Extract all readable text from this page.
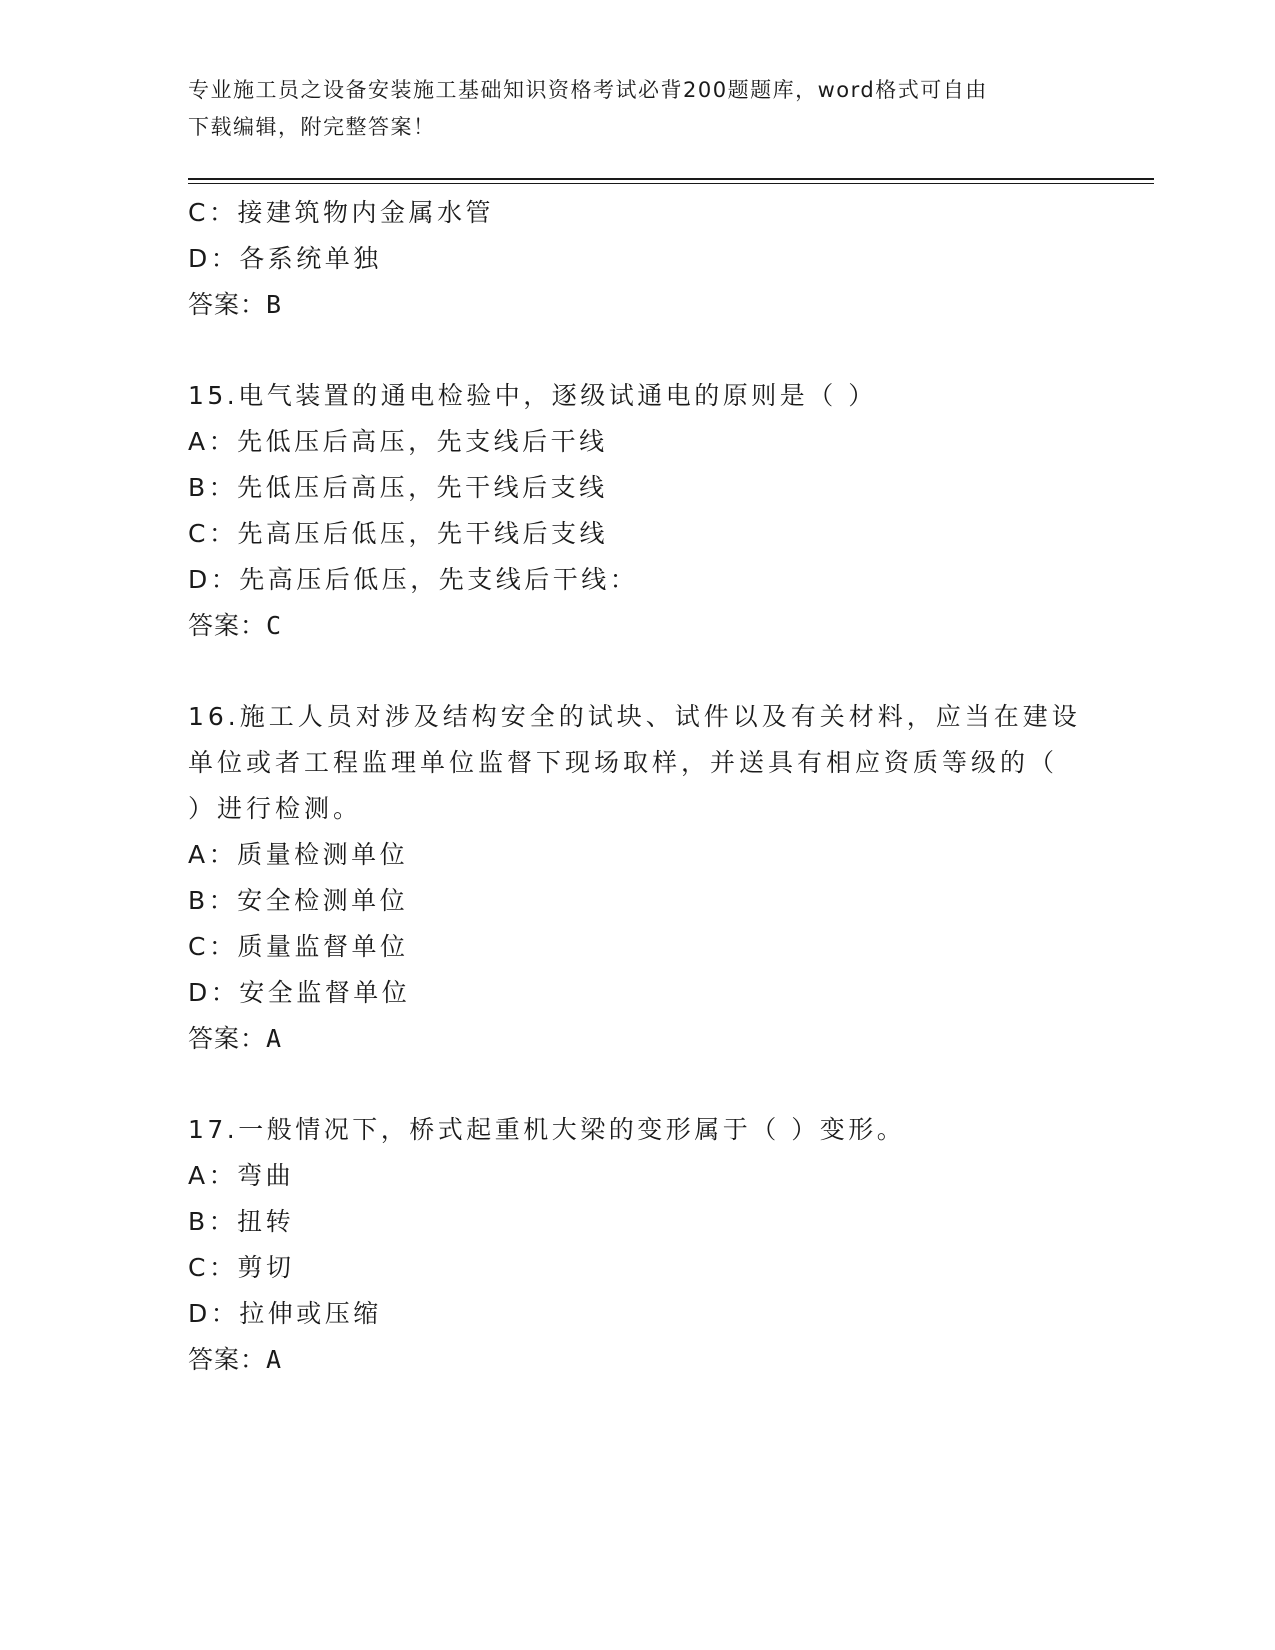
专业施工员之设备安装施工基础知识资格考试必背200题题库，word格式可自由
下载编辑，附完整答案！
C：接建筑物内金属水管
D：各系统单独
答案：B
15.电气装置的通电检验中，逐级试通电的原则是（ ）
A：先低压后高压，先支线后干线
B：先低压后高压，先干线后支线
C：先高压后低压，先干线后支线
D：先高压后低压，先支线后干线：
答案：C
16.施工人员对涉及结构安全的试块、试件以及有关材料，应当在建设
单位或者工程监理单位监督下现场取样，并送具有相应资质等级的（
）进行检测。
A：质量检测单位
B：安全检测单位
C：质量监督单位
D：安全监督单位
答案：A
17.一般情况下，桥式起重机大梁的变形属于（ ）变形。
A：弯曲
B：扭转
C：剪切
D：拉伸或压缩
答案：A
